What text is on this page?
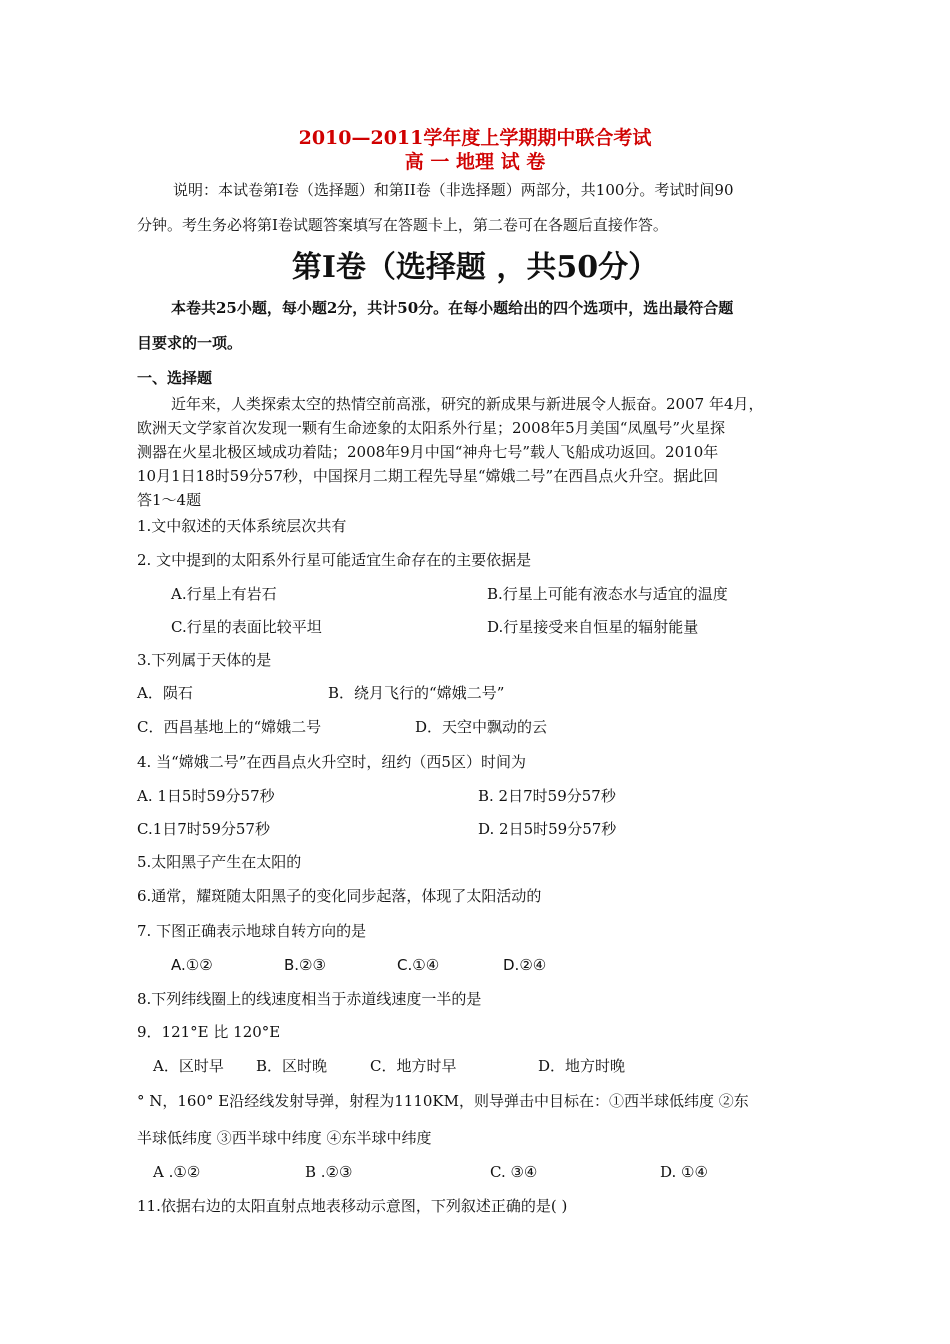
2010—2011学年度上学期期中联合考试
高 一 地理 试 卷
说明：本试卷第I卷（选择题）和第II卷（非选择题）两部分，共100分。考试时间90
分钟。考生务必将第I卷试题答案填写在答题卡上，第二卷可在各题后直接作答。
第I卷（选择题 ，共50分）
本卷共25小题，每小题2分，共计50分。在每小题给出的四个选项中，选出最符合题
目要求的一项。
一、选择题
近年来，人类探索太空的热情空前高涨，研究的新成果与新进展令人振奋。2007 年4月，
欧洲天文学家首次发现一颗有生命迹象的太阳系外行星；2008年5月美国“凤凰号”火星探
测器在火星北极区域成功着陆；2008年9月中国“神舟七号”载人飞船成功返回。2010年
10月1日18时59分57秒，中国探月二期工程先导星“嫦娥二号”在西昌点火升空。据此回
答1～4题
1.文中叙述的天体系统层次共有
2. 文中提到的太阳系外行星可能适宜生命存在的主要依据是
A.行星上有岩石	B.行星上可能有液态水与适宜的温度
C.行星的表面比较平坦	D.行星接受来自恒星的辐射能量
3.下列属于天体的是
A．陨石	B．绕月飞行的“嫦娥二号”
C．西昌基地上的“嫦娥二号	D．天空中飘动的云
4. 当“嫦娥二号”在西昌点火升空时，纽约（西5区）时间为
A. 1日5时59分57秒	B. 2日7时59分57秒
C.1日7时59分57秒	D. 2日5时59分57秒
5.太阳黑子产生在太阳的
6.通常，耀斑随太阳黑子的变化同步起落，体现了太阳活动的
7. 下图正确表示地球自转方向的是
A.①②	B.②③	C.①④	D.②④
8.下列纬线圈上的线速度相当于赤道线速度一半的是
9．121°E 比 120°E
A．区时早 B．区时晚	C．地方时早	D．地方时晚
° N，160° E沿经线发射导弹，射程为1110KM，则导弹击中目标在：①西半球低纬度 ②东
半球低纬度 ③西半球中纬度 ④东半球中纬度
A .①②	B .②③	C. ③④	D. ①④
11.依据右边的太阳直射点地表移动示意图，下列叙述正确的是( )
